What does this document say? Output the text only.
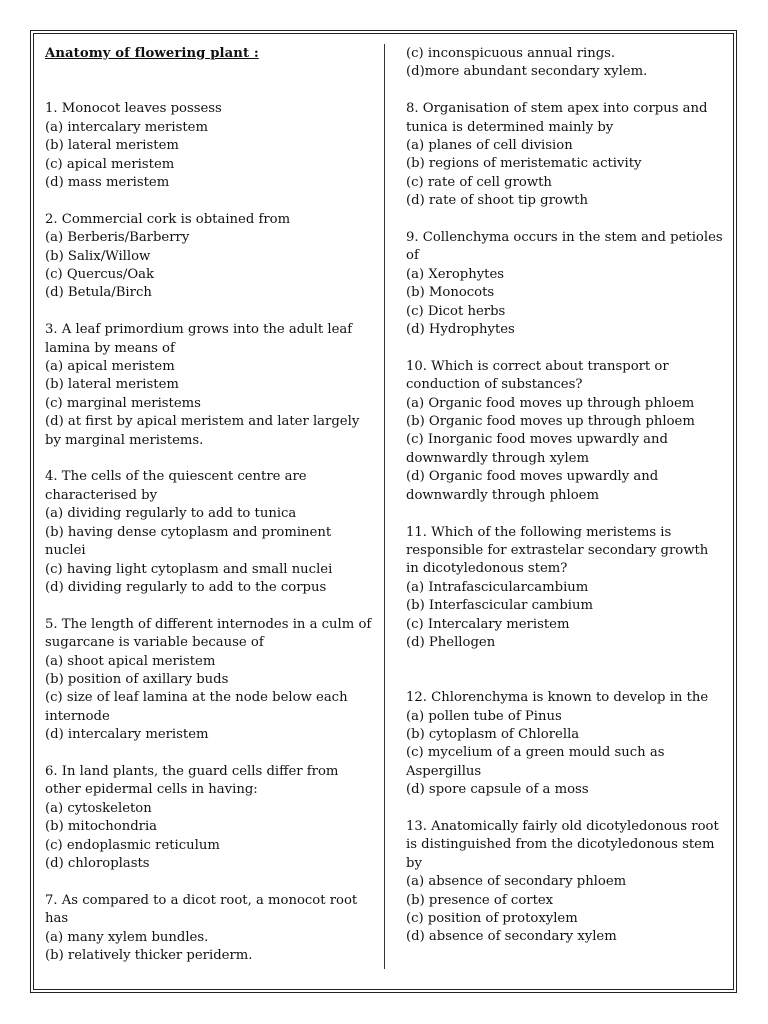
Anatomy of flowering plant :
1. Monocot leaves possess
(a) intercalary meristem
(b) lateral meristem
(c) apical meristem
(d) mass meristem
2. Commercial cork is obtained from
(a) Berberis/Barberry
(b) Salix/Willow
(c) Quercus/Oak
(d) Betula/Birch
3. A leaf primordium grows into the adult leaf lamina by means of
(a) apical meristem
(b) lateral meristem
(c) marginal meristems
(d) at first by apical meristem and later largely by marginal meristems.
4. The cells of the quiescent centre are characterised by
(a) dividing regularly to add to tunica
(b) having dense cytoplasm and prominent nuclei
(c) having light cytoplasm and small nuclei
(d) dividing regularly to add to the corpus
5. The length of different internodes in a culm of sugarcane is variable because of
(a) shoot apical meristem
(b) position of axillary buds
(c) size of leaf lamina at the node below each internode
(d) intercalary meristem
6. In land plants, the guard cells differ from other epidermal cells in having:
(a) cytoskeleton
(b) mitochondria
(c) endoplasmic reticulum
(d) chloroplasts
7. As compared to a dicot root, a monocot root has
(a) many xylem bundles.
(b) relatively thicker periderm.
(c) inconspicuous annual rings.
(d)more abundant secondary xylem.
8. Organisation of stem apex into corpus and tunica is determined mainly by
(a) planes of cell division
(b) regions of meristematic activity
(c) rate of cell growth
(d) rate of shoot tip growth
9. Collenchyma occurs in the stem and petioles of
(a) Xerophytes
(b) Monocots
(c) Dicot herbs
(d) Hydrophytes
10. Which is correct about transport or conduction of substances?
(a) Organic food moves up through phloem
(b) Organic food moves up through phloem
(c) Inorganic food moves upwardly and downwardly through xylem
(d) Organic food moves upwardly and downwardly through phloem
11. Which of the following meristems is responsible for extrastelar secondary growth in dicotyledonous stem?
(a) Intrafascicularcambium
(b) Interfascicular cambium
(c) Intercalary meristem
(d) Phellogen
12. Chlorenchyma is known to develop in the
(a) pollen tube of Pinus
(b) cytoplasm of Chlorella
(c) mycelium of a green mould such as Aspergillus
(d) spore capsule of a moss
13. Anatomically fairly old dicotyledonous root is distinguished from the dicotyledonous stem by
(a) absence of secondary phloem
(b) presence of cortex
(c) position of protoxylem
(d) absence of secondary xylem
